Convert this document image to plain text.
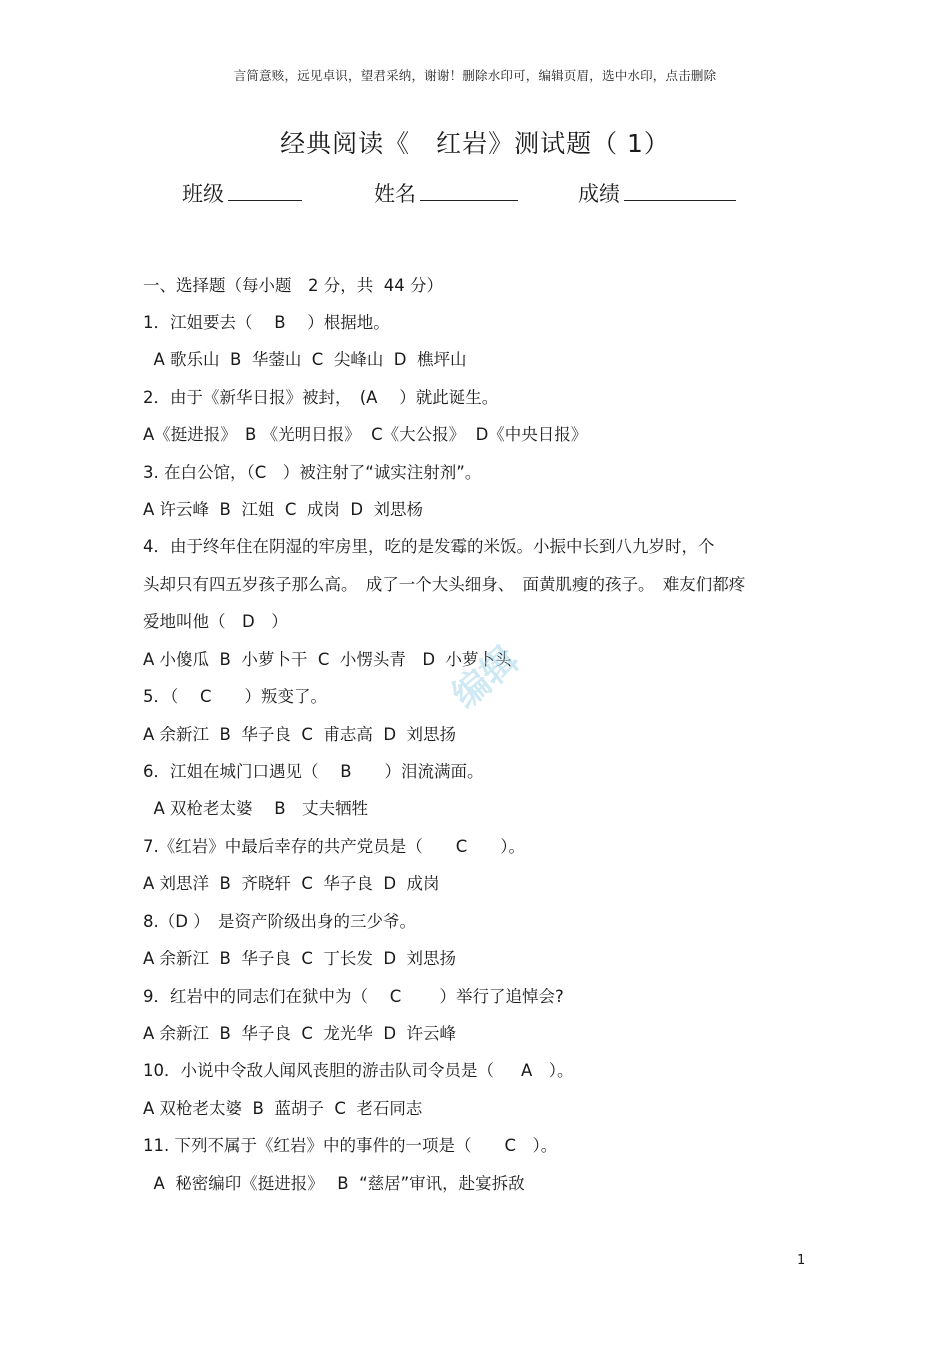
言简意赅，远见卓识，望君采纳，谢谢！删除水印可，编辑页眉，选中水印，点击删除
经典阅读《　红岩》测试题（ 1）
班级	姓名	成绩
一、选择题（每小题　2 分，共  44 分）
1．江姐要去（　 B　 ）根据地。
A 歌乐山  B  华蓥山  C  尖峰山  D  樵坪山
2．由于《新华日报》被封，　(A　 ）就此诞生。
A《挺进报》　B 《光明日报》  C《大公报》  D《中央日报》
3. 在白公馆，（C　）被注射了“诚实注射剂”。
A 许云峰  B  江姐  C  成岗  D  刘思杨
4．由于终年住在阴湿的牢房里，吃的是发霉的米饭。小振中长到八九岁时，个
头却只有四五岁孩子那么高。　成了一个大头细身、　面黄肌瘦的孩子。　难友们都疼
爱地叫他（　D　）
A 小傻瓜  B  小萝卜干  C  小愣头青　D  小萝卜头
5．（　 C　　）叛变了。
A 余新江  B  华子良  C  甫志高  D  刘思扬
6．江姐在城门口遇见（　 B　　）泪流满面。
A 双枪老太婆　 B　丈夫牺牲
7.《红岩》中最后幸存的共产党员是（　　C　　）。
A 刘思洋  B  齐晓轩  C  华子良  D  成岗
8.（D ）　是资产阶级出身的三少爷。
A 余新江  B  华子良  C  丁长发  D  刘思扬
9．红岩中的同志们在狱中为（　 C　　 ）举行了追悼会?
A 余新江  B  华子良  C  龙光华  D  许云峰
10．小说中令敌人闻风丧胆的游击队司令员是（　  A　）。
A 双枪老太婆  B  蓝胡子  C  老石同志
11. 下列不属于《红岩》中的事件的一项是（　　C　）。
A  秘密编印《挺进报》　 B  “慈居”审讯，赴宴拆敌
编辑
1
